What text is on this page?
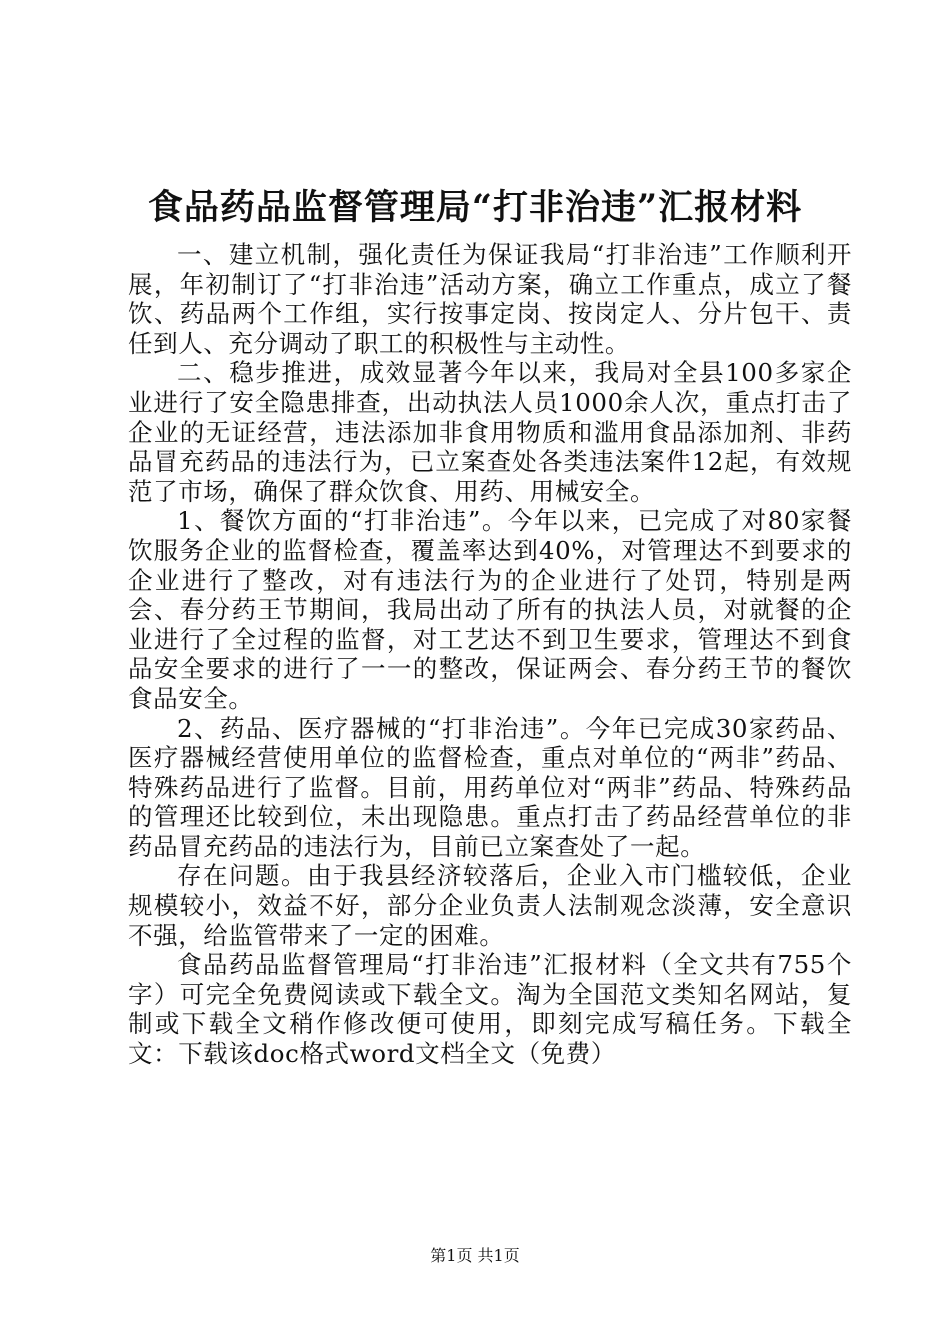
食品药品监督管理局“打非治违”汇报材料

一、建立机制，强化责任为保证我局“打非治违”工作顺利开展，年初制订了“打非治违”活动方案，确立工作重点，成立了餐饮、药品两个工作组，实行按事定岗、按岗定人、分片包干、责任到人、充分调动了职工的积极性与主动性。

二、稳步推进，成效显著今年以来，我局对全县100多家企业进行了安全隐患排查，出动执法人员1000余人次，重点打击了企业的无证经营，违法添加非食用物质和滥用食品添加剂、非药品冒充药品的违法行为，已立案查处各类违法案件12起，有效规范了市场，确保了群众饮食、用药、用械安全。

1、餐饮方面的“打非治违”。今年以来，已完成了对80家餐饮服务企业的监督检查，覆盖率达到40%，对管理达不到要求的企业进行了整改，对有违法行为的企业进行了处罚，特别是两会、春分药王节期间，我局出动了所有的执法人员，对就餐的企业进行了全过程的监督，对工艺达不到卫生要求，管理达不到食品安全要求的进行了一一的整改，保证两会、春分药王节的餐饮食品安全。

2、药品、医疗器械的“打非治违”。今年已完成30家药品、医疗器械经营使用单位的监督检查，重点对单位的“两非”药品、特殊药品进行了监督。目前，用药单位对“两非”药品、特殊药品的管理还比较到位，未出现隐患。重点打击了药品经营单位的非药品冒充药品的违法行为，目前已立案查处了一起。

存在问题。由于我县经济较落后，企业入市门槛较低，企业规模较小，效益不好，部分企业负责人法制观念淡薄，安全意识不强，给监管带来了一定的困难。

食品药品监督管理局“打非治违”汇报材料（全文共有755个字）可完全免费阅读或下载全文。淘为全国范文类知名网站，复制或下载全文稍作修改便可使用，即刻完成写稿任务。下载全文：下载该doc格式word文档全文（免费）

第1页 共1页
